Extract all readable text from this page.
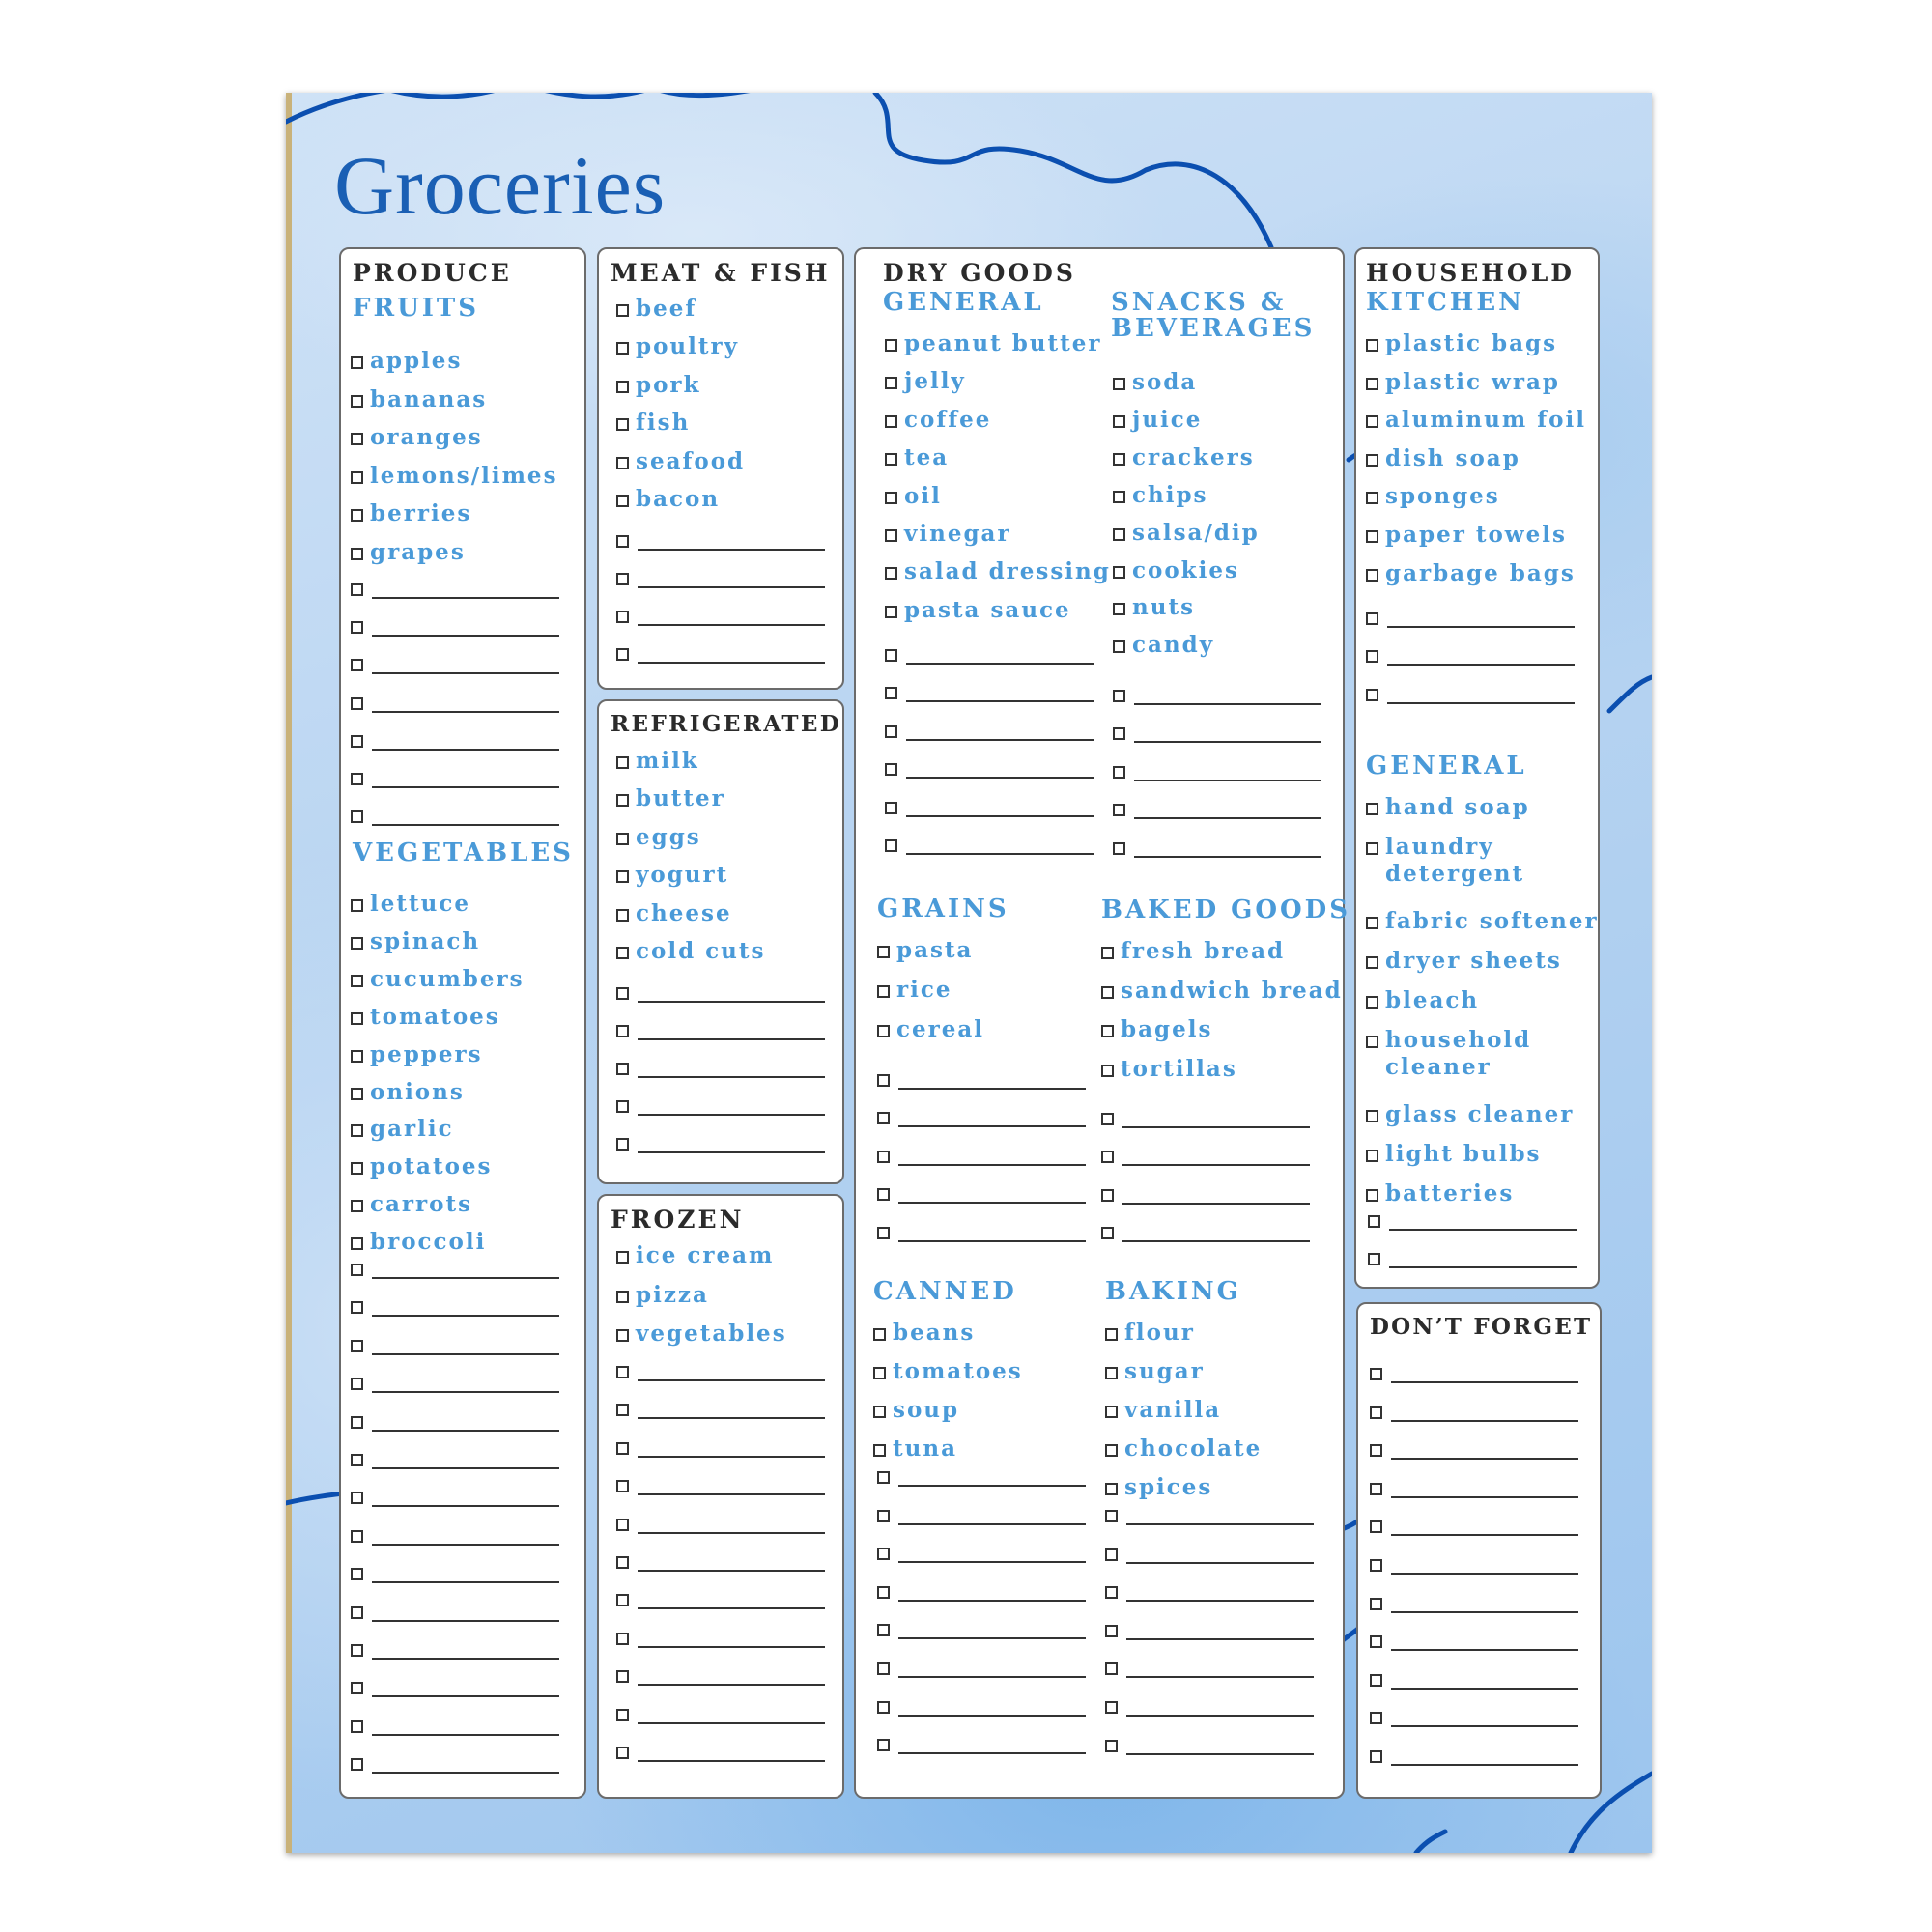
Groceries
PRODUCE
FRUITS
VEGETABLES
apples
bananas
oranges
lemons/limes
berries
grapes
lettuce
spinach
cucumbers
tomatoes
peppers
onions
garlic
potatoes
carrots
broccoli
MEAT & FISH
beef
poultry
pork
fish
seafood
bacon
REFRIGERATED
milk
butter
eggs
yogurt
cheese
cold cuts
FROZEN
ice cream
pizza
vegetables
DRY GOODS
GENERAL	SNACKS &
BEVERAGES
GRAINS	BAKED GOODS
CANNED	BAKING
peanut butter
jelly
coffee
tea
oil
vinegar
salad dressing
pasta sauce
soda
juice
crackers
chips
salsa/dip
cookies
nuts
candy
pasta
rice
cereal
fresh bread
sandwich bread
bagels
tortillas
beans
tomatoes
soup
tuna
flour
sugar
vanilla
chocolate
spices
HOUSEHOLD
KITCHEN
GENERAL
plastic bags
plastic wrap
aluminum foil
dish soap
sponges
paper towels
garbage bags
hand soap
laundry
detergent
fabric softener
dryer sheets
bleach
household
cleaner
glass cleaner
light bulbs
batteries
DON’T FORGET
